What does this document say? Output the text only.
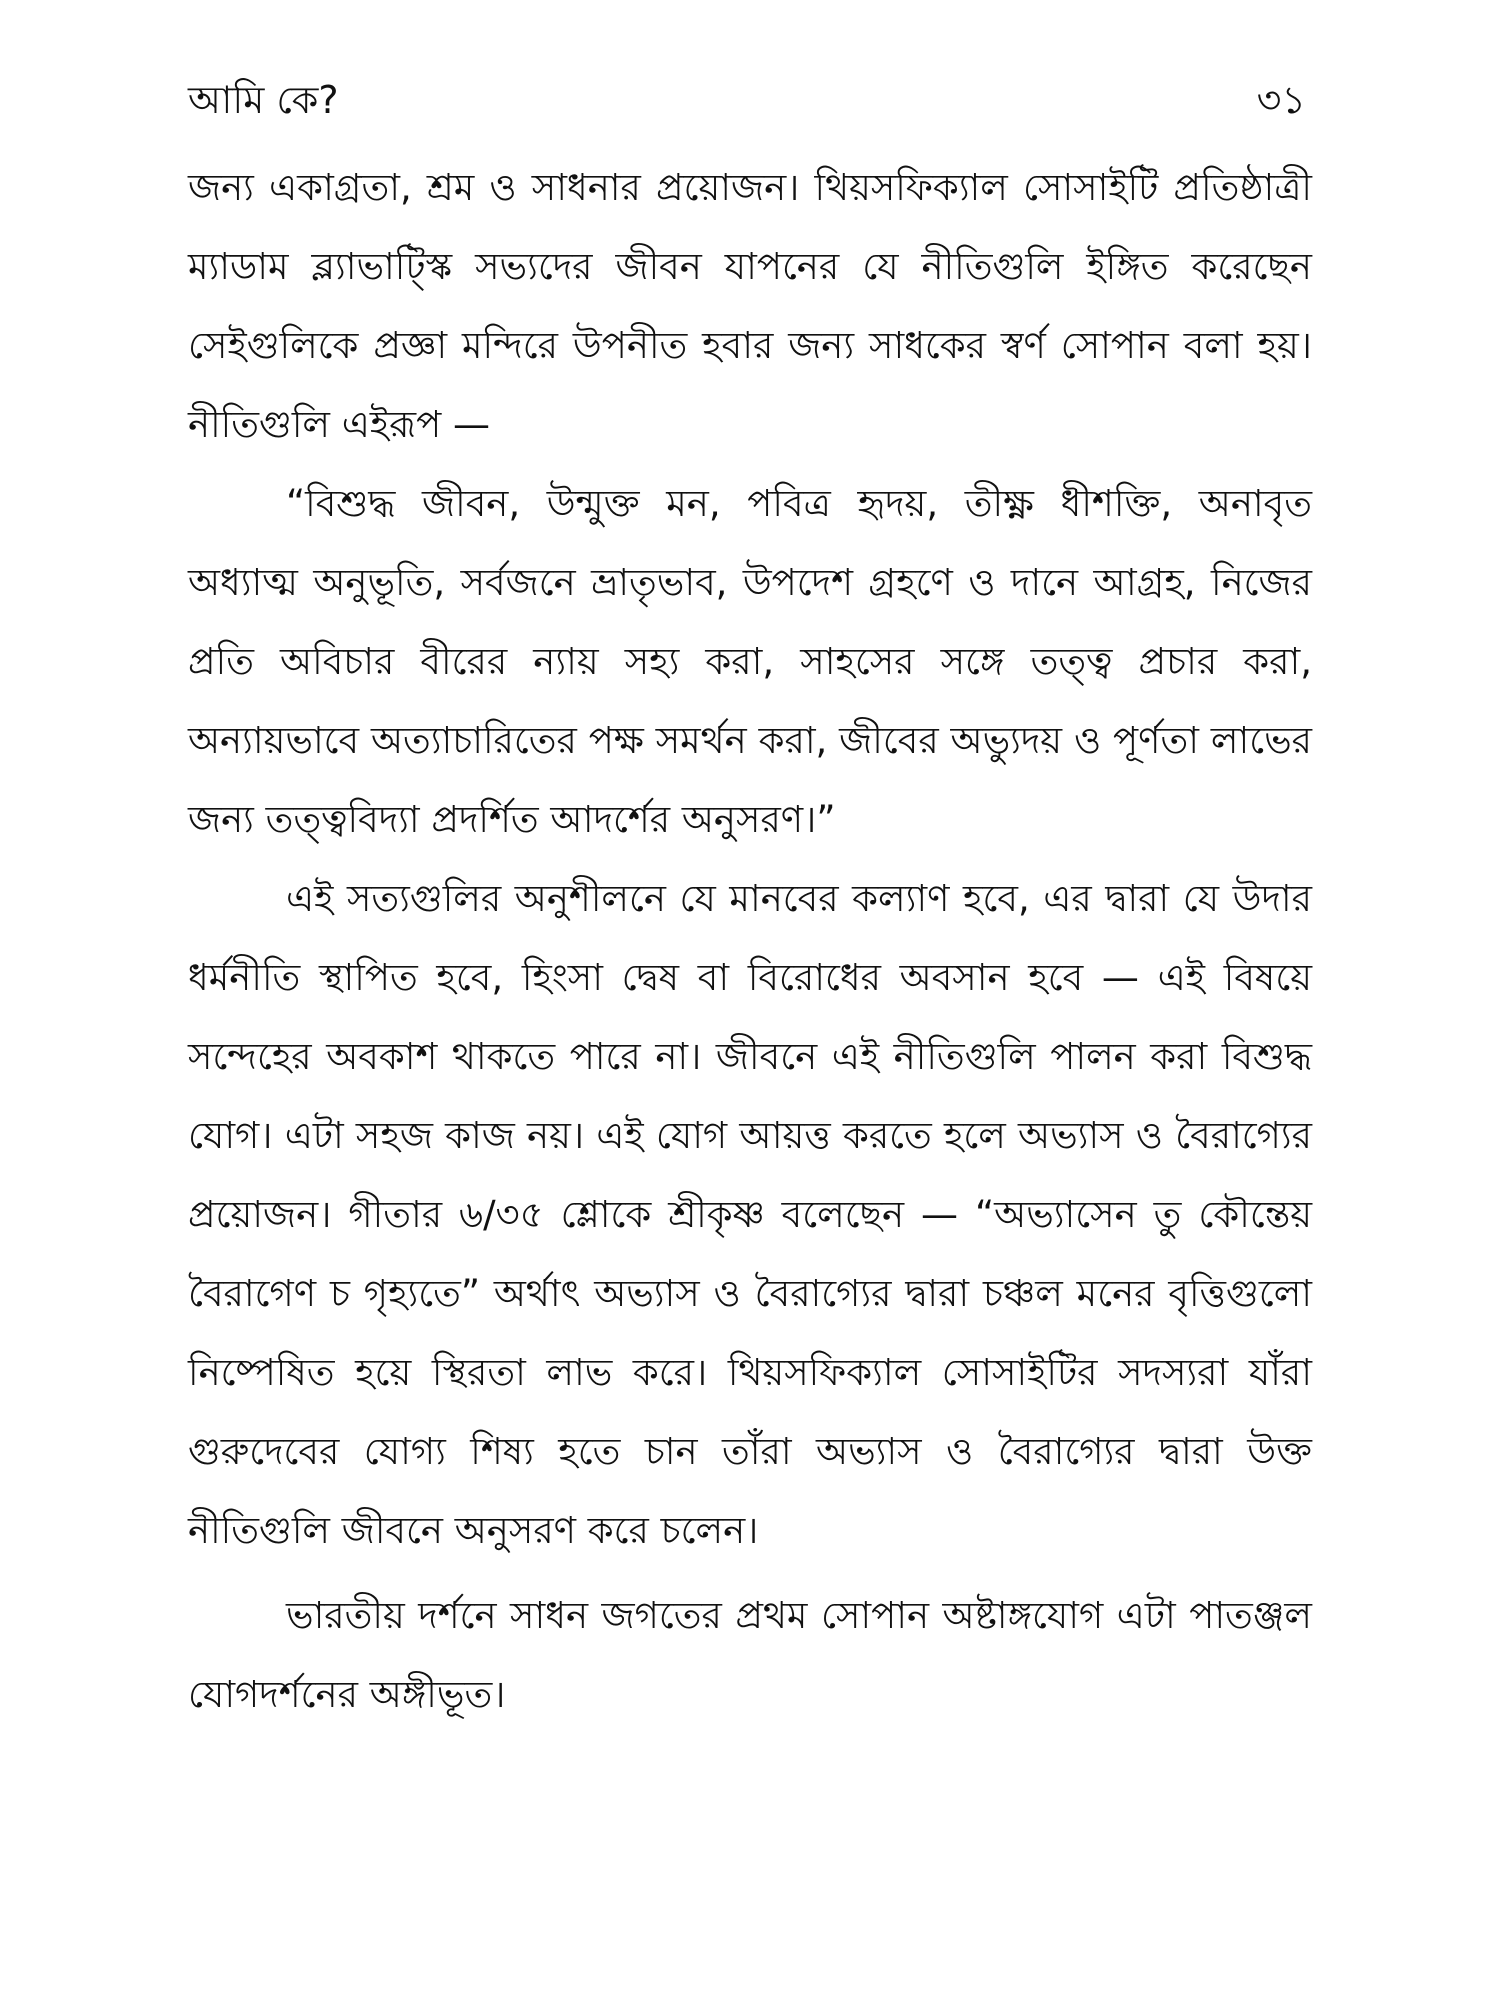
আমি কে?	৩১

জন্য একাগ্রতা, শ্রম ও সাধনার প্রয়োজন। থিয়সফিক্যাল সোসাইটি প্রতিষ্ঠাত্রী ম্যাডাম ব্ল্যাভাট্স্কি সভ্যদের জীবন যাপনের যে নীতিগুলি ইঙ্গিত করেছেন সেইগুলিকে প্রজ্ঞা মন্দিরে উপনীত হবার জন্য সাধকের স্বর্ণ সোপান বলা হয়। নীতিগুলি এইরূপ —

“বিশুদ্ধ জীবন, উন্মুক্ত মন, পবিত্র হৃদয়, তীক্ষ্ণ ধীশক্তি, অনাবৃত অধ্যাত্ম অনুভূতি, সর্বজনে ভ্রাতৃভাব, উপদেশ গ্রহণে ও দানে আগ্রহ, নিজের প্রতি অবিচার বীরের ন্যায় সহ্য করা, সাহসের সঙ্গে তত্ত্ব প্রচার করা, অন্যায়ভাবে অত্যাচারিতের পক্ষ সমর্থন করা, জীবের অভ্যুদয় ও পূর্ণতা লাভের জন্য তত্ত্ববিদ্যা প্রদর্শিত আদর্শের অনুসরণ।”

এই সত্যগুলির অনুশীলনে যে মানবের কল্যাণ হবে, এর দ্বারা যে উদার ধর্মনীতি স্থাপিত হবে, হিংসা দ্বেষ বা বিরোধের অবসান হবে — এই বিষয়ে সন্দেহের অবকাশ থাকতে পারে না। জীবনে এই নীতিগুলি পালন করা বিশুদ্ধ যোগ। এটা সহজ কাজ নয়। এই যোগ আয়ত্ত করতে হলে অভ্যাস ও বৈরাগ্যের প্রয়োজন। গীতার ৬/৩৫ শ্লোকে শ্রীকৃষ্ণ বলেছেন — “অভ্যাসেন তু কৌন্তেয় বৈরাগেণ চ গৃহ্যতে” অর্থাৎ অভ্যাস ও বৈরাগ্যের দ্বারা চঞ্চল মনের বৃত্তিগুলো নিষ্পেষিত হয়ে স্থিরতা লাভ করে। থিয়সফিক্যাল সোসাইটির সদস্যরা যাঁরা গুরুদেবের যোগ্য শিষ্য হতে চান তাঁরা অভ্যাস ও বৈরাগ্যের দ্বারা উক্ত নীতিগুলি জীবনে অনুসরণ করে চলেন।

ভারতীয় দর্শনে সাধন জগতের প্রথম সোপান অষ্টাঙ্গযোগ এটা পাতঞ্জল যোগদর্শনের অঙ্গীভূত।
